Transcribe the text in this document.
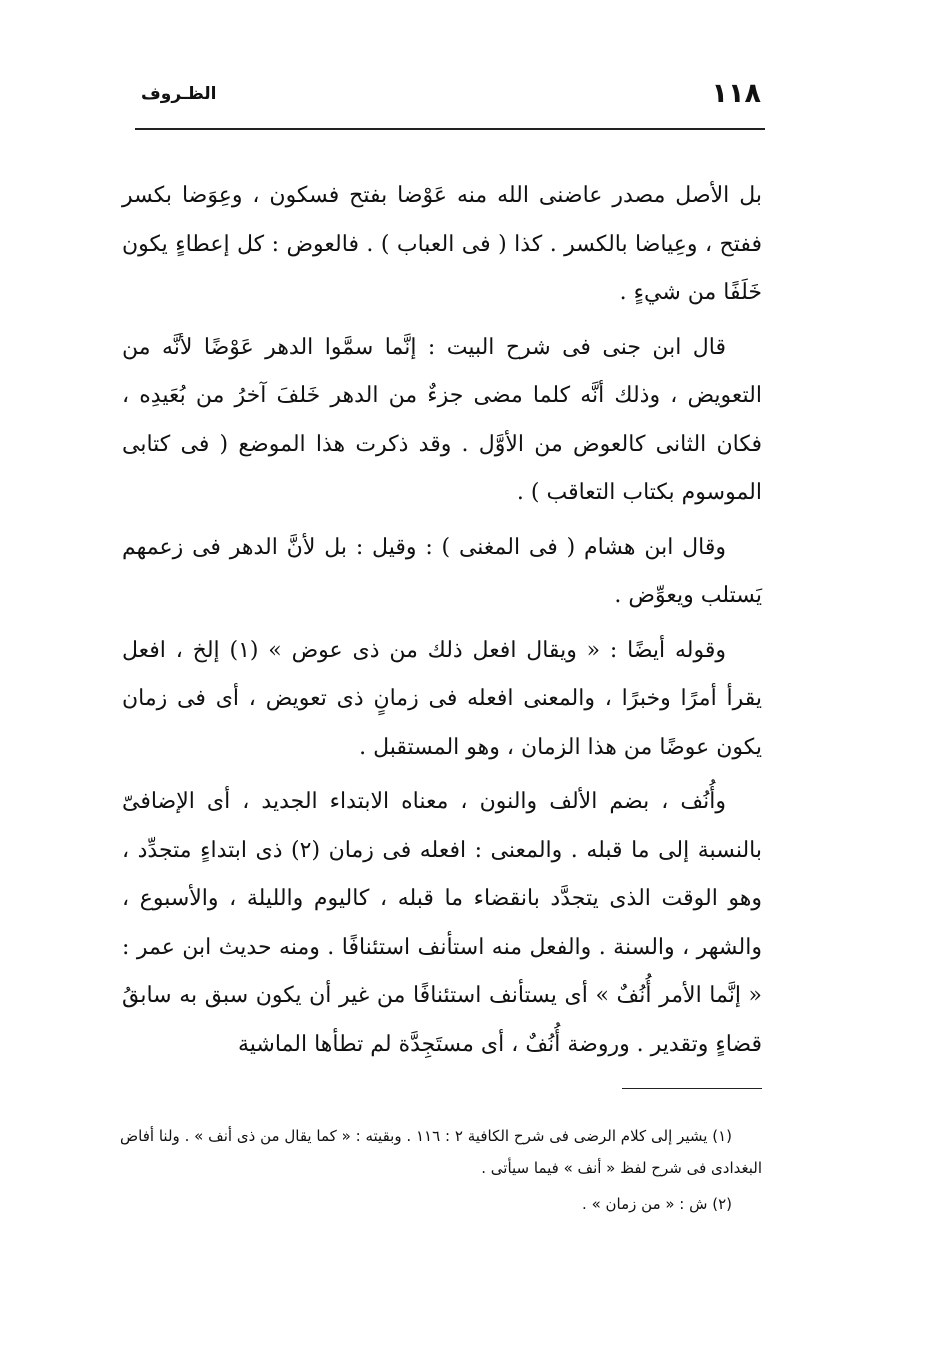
١١٨
الظـروف

بل الأصل مصدر عاضنى الله منه عَوْضا بفتح فسكون ، وعِوَضا بكسر ففتح ، وعِياضا بالكسر . كذا ( فى العباب ) . فالعوض : كل إعطاءٍ يكون خَلَفًا من شيءٍ .

قال ابن جنى فى شرح البيت : إنَّما سمَّوا الدهر عَوْضًا لأنَّه من التعويض ، وذلك أنَّه كلما مضى جزءٌ من الدهر خَلفَ آخرُ من بُعَيدِه ، فكان الثانى كالعوض من الأوَّل . وقد ذكرت هذا الموضع ( فى كتابى الموسوم بكتاب التعاقب ) .

وقال ابن هشام ( فى المغنى ) : وقيل : بل لأنَّ الدهر فى زعمهم يَستلب ويعوِّض .

وقوله أيضًا : « ويقال افعل ذلك من ذى عوض » (١) إلخ ، افعل يقرأ أمرًا وخبرًا ، والمعنى افعله فى زمانٍ ذى تعويض ، أى فى زمان يكون عوضًا من هذا الزمان ، وهو المستقبل .

وأُنُف ، بضم الألف والنون ، معناه الابتداء الجديد ، أى الإضافىّ بالنسبة إلى ما قبله . والمعنى : افعله فى زمان (٢) ذى ابتداءٍ متجدِّد ، وهو الوقت الذى يتجدَّد بانقضاء ما قبله ، كاليوم والليلة ، والأسبوع ، والشهر ، والسنة . والفعل منه استأنف استئنافًا . ومنه حديث ابن عمر : « إنَّما الأمر أُنُفٌ » أى يستأنف استئنافًا من غير أن يكون سبق به سابقُ قضاءٍ وتقدير . وروضة أُنُفٌ ، أى مستَجِدَّة لم تطأها الماشية

(١) يشير إلى كلام الرضى فى شرح الكافية ٢ : ١١٦ . وبقيته : « كما يقال من ذى أنف » . ولنا أفاض البغدادى فى شرح لفظ « أنف » فيما سيأتى .

(٢) ش : « من زمان » .
